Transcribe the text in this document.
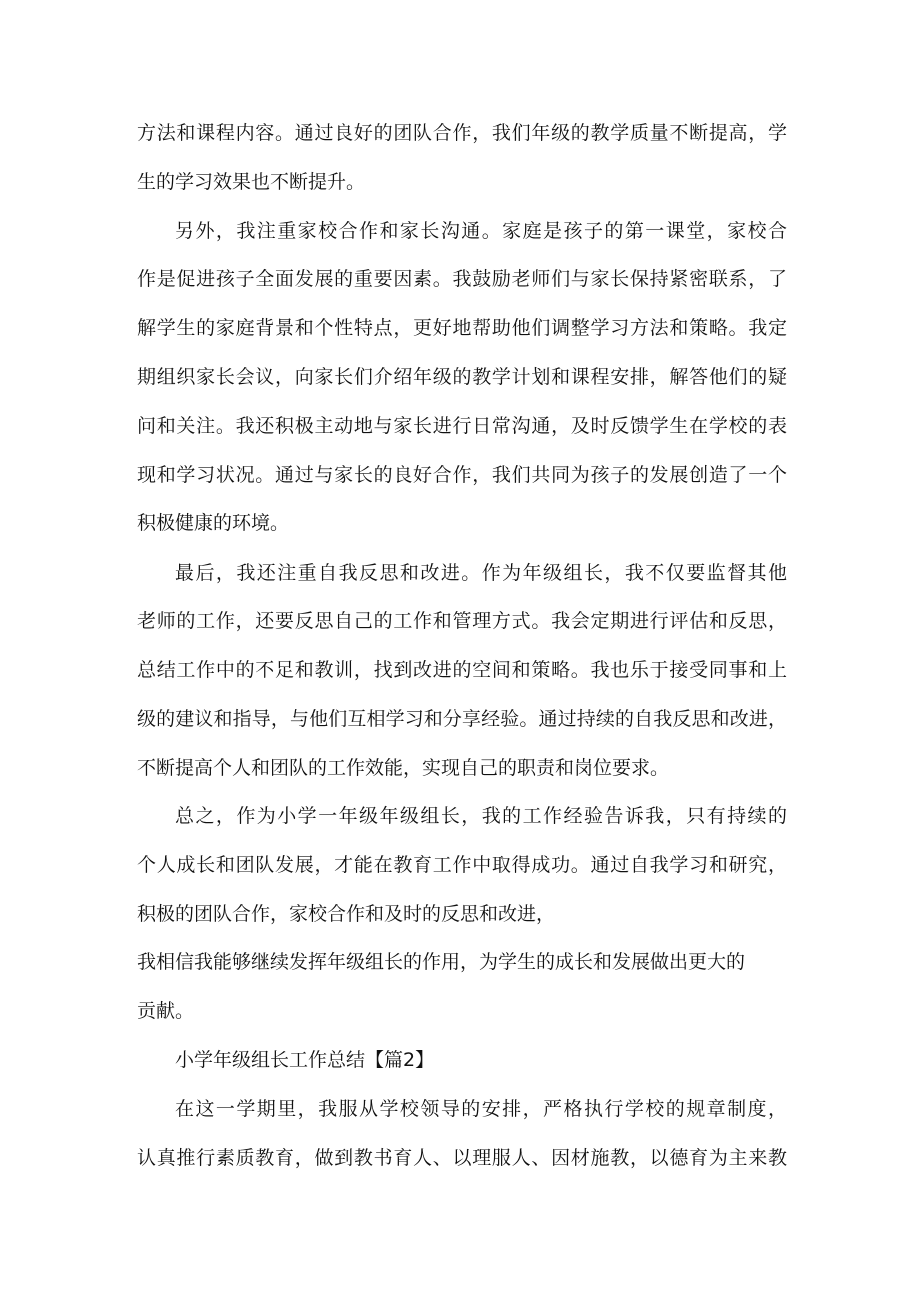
方法和课程内容。通过良好的团队合作，我们年级的教学质量不断提高，学
生的学习效果也不断提升。
另外，我注重家校合作和家长沟通。家庭是孩子的第一课堂，家校合
作是促进孩子全面发展的重要因素。我鼓励老师们与家长保持紧密联系，了
解学生的家庭背景和个性特点，更好地帮助他们调整学习方法和策略。我定
期组织家长会议，向家长们介绍年级的教学计划和课程安排，解答他们的疑
问和关注。我还积极主动地与家长进行日常沟通，及时反馈学生在学校的表
现和学习状况。通过与家长的良好合作，我们共同为孩子的发展创造了一个
积极健康的环境。
最后，我还注重自我反思和改进。作为年级组长，我不仅要监督其他
老师的工作，还要反思自己的工作和管理方式。我会定期进行评估和反思，
总结工作中的不足和教训，找到改进的空间和策略。我也乐于接受同事和上
级的建议和指导，与他们互相学习和分享经验。通过持续的自我反思和改进，
不断提高个人和团队的工作效能，实现自己的职责和岗位要求。
总之，作为小学一年级年级组长，我的工作经验告诉我，只有持续的
个人成长和团队发展，才能在教育工作中取得成功。通过自我学习和研究，
积极的团队合作，家校合作和及时的反思和改进，
我相信我能够继续发挥年级组长的作用，为学生的成长和发展做出更大的
贡献。
小学年级组长工作总结【篇2】
在这一学期里，我服从学校领导的安排，严格执行学校的规章制度，
认真推行素质教育，做到教书育人、以理服人、因材施教，以德育为主来教
